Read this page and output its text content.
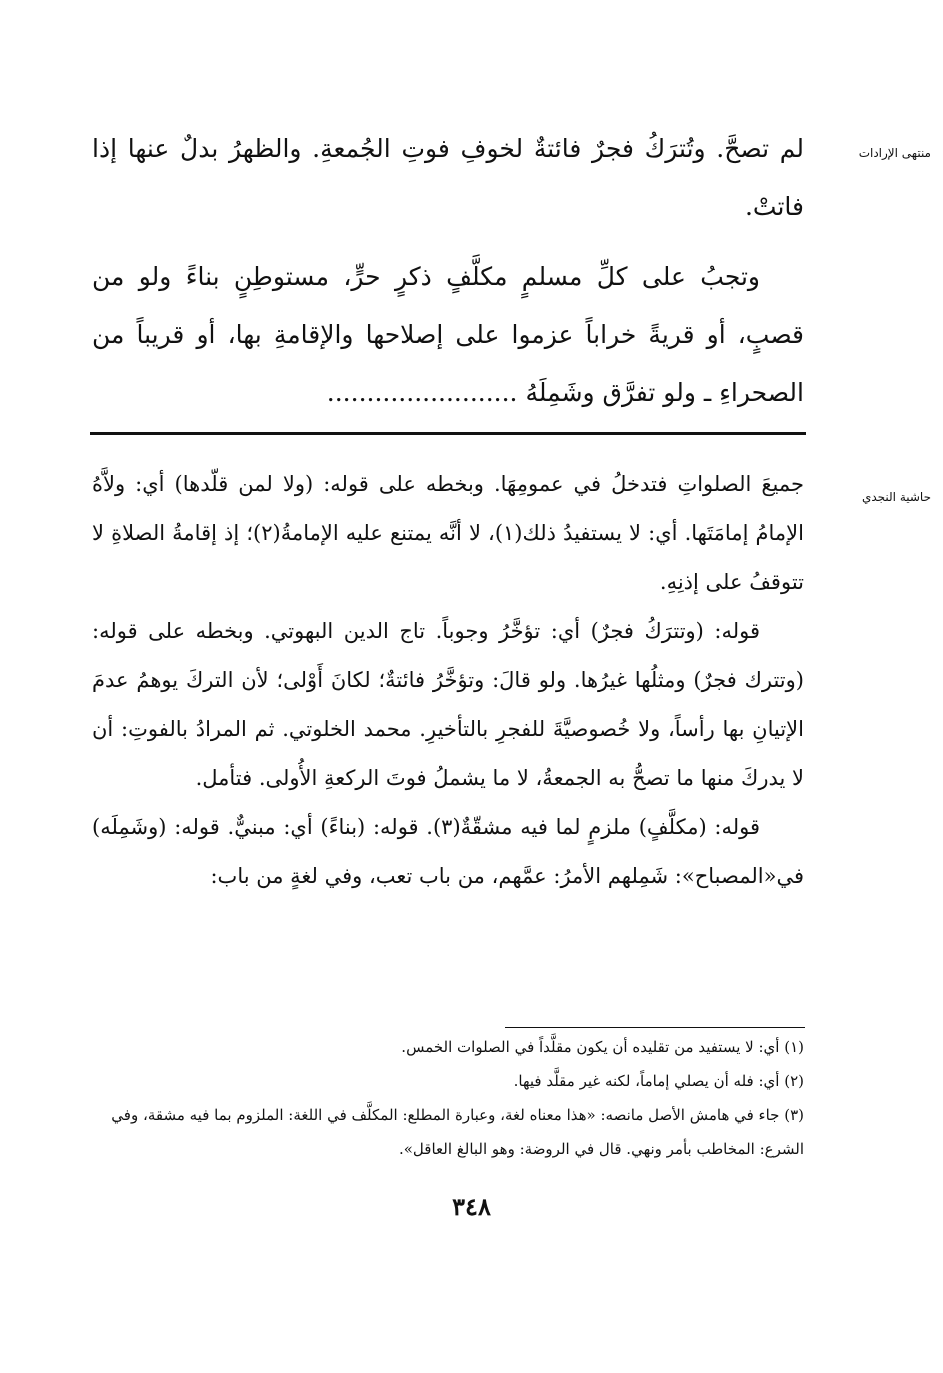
منتهى الإرادات

لم تصحَّ. وتُترَكُ فجرٌ فائتةٌ لخوفِ فوتِ الجُمعةِ. والظهرُ بدلٌ عنها إذا فاتتْ.

وتجبُ على كلِّ مسلمٍ مكلَّفٍ ذكرٍ حرٍّ، مستوطِنٍ بناءً ولو من قصبٍ، أو قريةً خراباً عزموا على إصلاحها والإقامةِ بها، أو قريباً من الصحراءِ ـ ولو تفرَّق وشَمِلَهُ ........................

حاشية النجدي

جميعَ الصلواتِ فتدخلُ في عمومِهَا. وبخطه على قوله: (ولا لمن قلّدها) أي: ولاَّهُ الإمامُ إمامَتَها. أي: لا يستفيدُ ذلك(١)، لا أنَّه يمتنع عليه الإمامةُ(٢)؛ إذ إقامةُ الصلاةِ لا تتوقفُ على إذنِهِ.

قوله: (وتترَكُ فجرٌ) أي: تؤخَّرُ وجوباً. تاج الدين البهوتي. وبخطه على قوله: (وتترك فجرٌ) ومثلُها غيرُها. ولو قالَ: وتؤخَّرُ فائتةٌ؛ لكانَ أَوْلى؛ لأن التركَ يوهمُ عدمَ الإتيانِ بها رأساً، ولا خُصوصيَّةَ للفجرِ بالتأخيرِ. محمد الخلوتي. ثم المرادُ بالفوتِ: أن لا يدركَ منها ما تصحُّ به الجمعةُ، لا ما يشملُ فوتَ الركعةِ الأُولى. فتأمل.

قوله: (مكلَّفٍ) ملزمٍ لما فيه مشقّةٌ(٣). قوله: (بناءً) أي: مبنيٌّ. قوله: (وشَمِلَه) في«المصباح»: شَمِلهم الأمرُ: عمَّهم، من باب تعب، وفي لغةٍ من باب:

(١) أي: لا يستفيد من تقليده أن يكون مقلَّداً في الصلوات الخمس.

(٢) أي: فله أن يصلي إماماً، لكنه غير مقلَّد فيها.

(٣) جاء في هامش الأصل مانصه: «هذا معناه لغة، وعبارة المطلع: المكلَّف في اللغة: الملزوم بما فيه مشقة، وفي الشرع: المخاطب بأمر ونهي. قال في الروضة: وهو البالغ العاقل».

٣٤٨
